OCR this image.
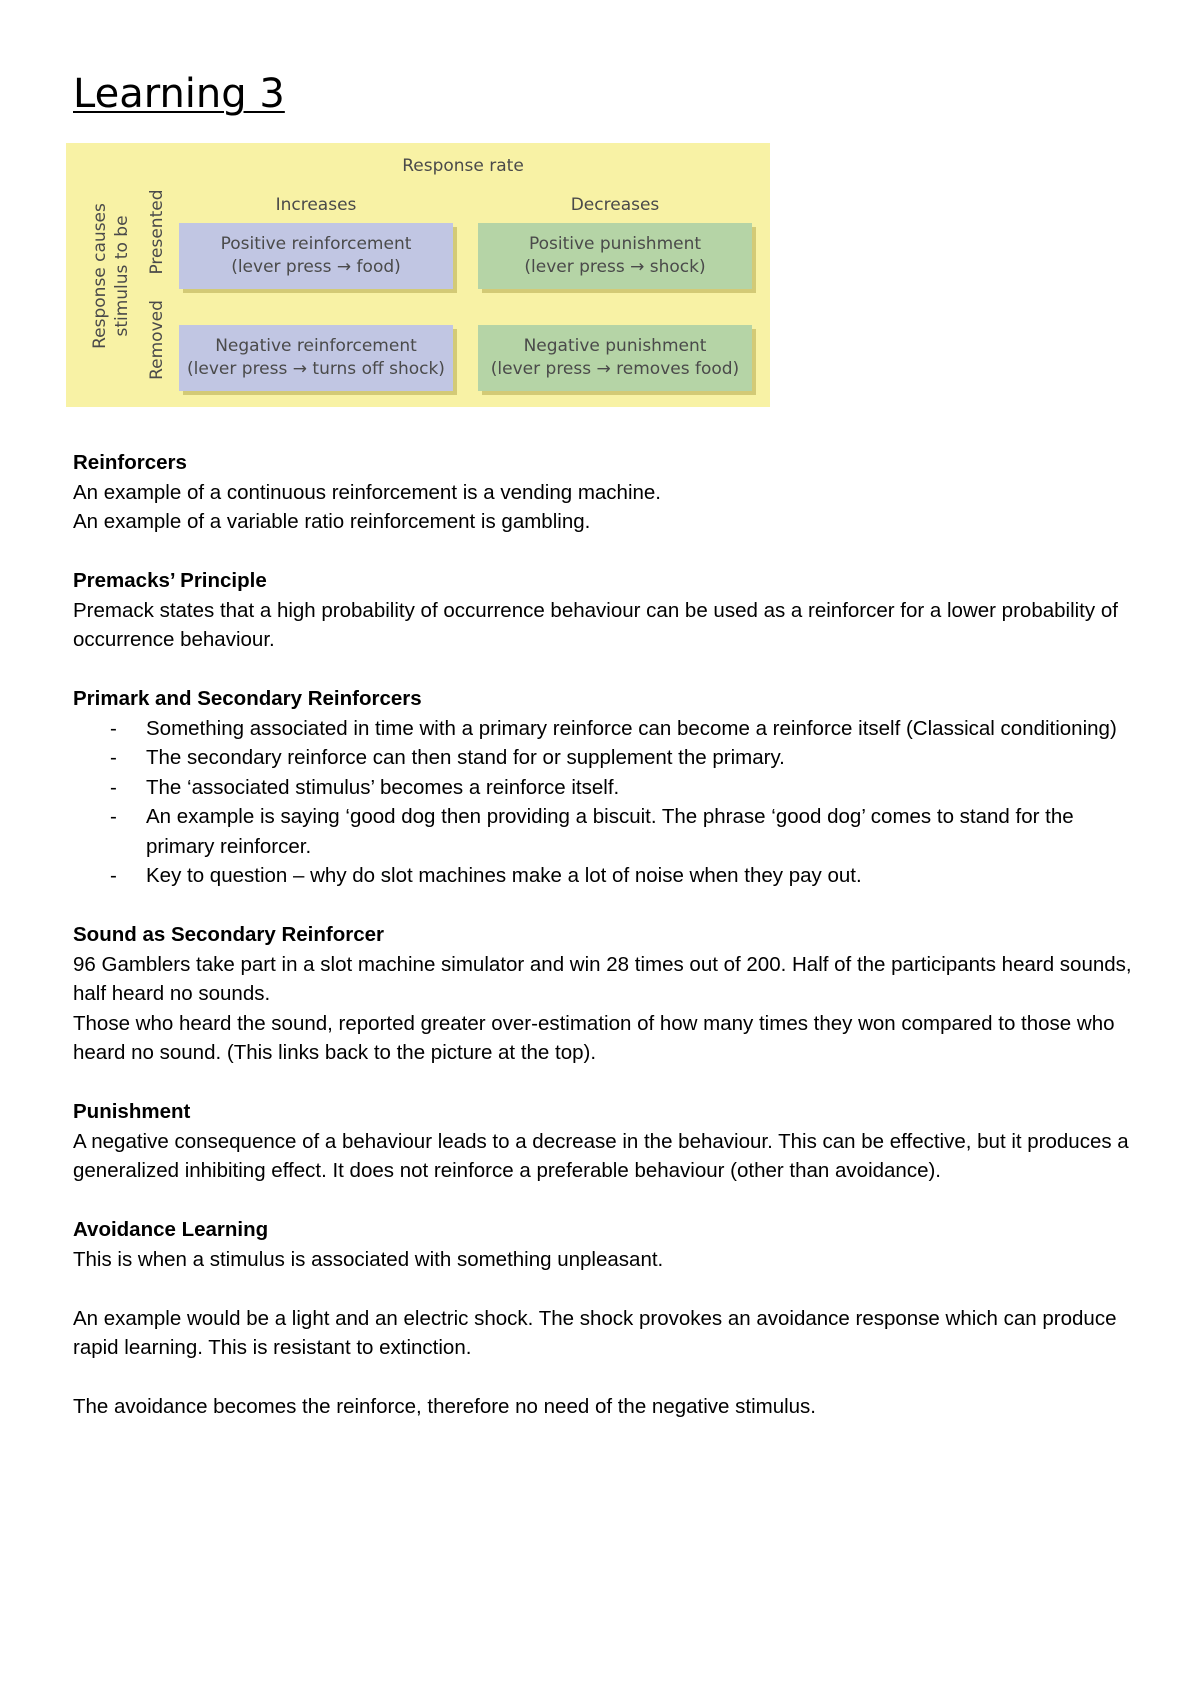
Learning 3
Response rate
Increases	Decreases
Response causes stimulus to be Presented
Removed
Positive reinforcement
(lever press → food)
Positive punishment
(lever press → shock)
Negative reinforcement
(lever press → turns off shock)
Negative punishment
(lever press → removes food)
Reinforcers

An example of a continuous reinforcement is a vending machine.

An example of a variable ratio reinforcement is gambling.

Premacks’ Principle

Premack states that a high probability of occurrence behaviour can be used as a reinforcer for a lower probability of occurrence behaviour.

Primark and Secondary Reinforcers
- Something associated in time with a primary reinforce can become a reinforce itself (Classical conditioning)
- The secondary reinforce can then stand for or supplement the primary.
- The ‘associated stimulus’ becomes a reinforce itself.
- An example is saying ‘good dog then providing a biscuit. The phrase ‘good dog’ comes to stand for the primary reinforcer.
- Key to question – why do slot machines make a lot of noise when they pay out.
Sound as Secondary Reinforcer

96 Gamblers take part in a slot machine simulator and win 28 times out of 200. Half of the participants heard sounds, half heard no sounds.

Those who heard the sound, reported greater over-estimation of how many times they won compared to those who heard no sound. (This links back to the picture at the top).

Punishment

A negative consequence of a behaviour leads to a decrease in the behaviour. This can be effective, but it produces a generalized inhibiting effect. It does not reinforce a preferable behaviour (other than avoidance).

Avoidance Learning

This is when a stimulus is associated with something unpleasant.

An example would be a light and an electric shock. The shock provokes an avoidance response which can produce rapid learning. This is resistant to extinction.

The avoidance becomes the reinforce, therefore no need of the negative stimulus.
